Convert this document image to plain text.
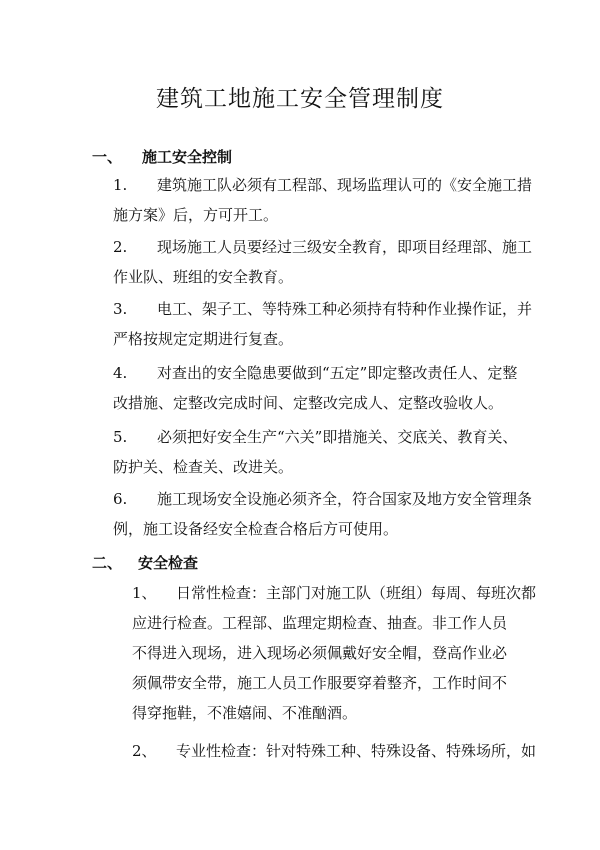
建筑工地施工安全管理制度
一、 施工安全控制
1.	建筑施工队必须有工程部、现场监理认可的《安全施工措
施方案》后，方可开工。
2.	现场施工人员要经过三级安全教育，即项目经理部、施工
作业队、班组的安全教育。
3.	电工、架子工、等特殊工种必须持有特种作业操作证，并
严格按规定定期进行复查。
4.	对查出的安全隐患要做到“五定”即定整改责任人、定整
改措施、定整改完成时间、定整改完成人、定整改验收人。
5.	必须把好安全生产“六关”即措施关、交底关、教育关、
防护关、检查关、改进关。
6.	施工现场安全设施必须齐全，符合国家及地方安全管理条
例，施工设备经安全检查合格后方可使用。
二、 安全检查
1、	日常性检查：主部门对施工队（班组）每周、每班次都
应进行检查。工程部、监理定期检查、抽查。非工作人员
不得进入现场，进入现场必须佩戴好安全帽，登高作业必
须佩带安全带，施工人员工作服要穿着整齐，工作时间不
得穿拖鞋，不准嬉闹、不准酗酒。
2、	专业性检查：针对特殊工种、特殊设备、特殊场所，如
